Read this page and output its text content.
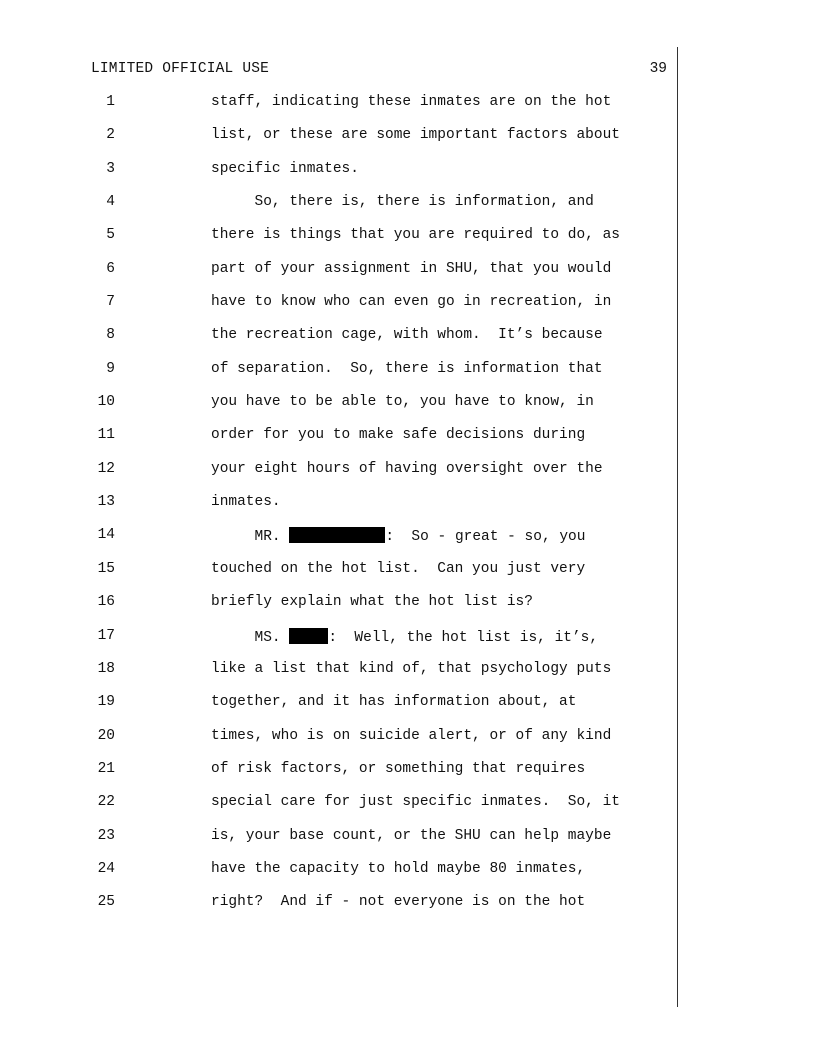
LIMITED OFFICIAL USE	39
1	staff, indicating these inmates are on the hot
2	list, or these are some important factors about
3	specific inmates.
4	So, there is, there is information, and
5	there is things that you are required to do, as
6	part of your assignment in SHU, that you would
7	have to know who can even go in recreation, in
8	the recreation cage, with whom.  It’s because
9	of separation.  So, there is information that
10	you have to be able to, you have to know, in
11	order for you to make safe decisions during
12	your eight hours of having oversight over the
13	inmates.
14	MR.	:  So - great - so, you
15	touched on the hot list.  Can you just very
16	briefly explain what the hot list is?
17	MS.	:  Well, the hot list is, it’s,
18	like a list that kind of, that psychology puts
19	together, and it has information about, at
20	times, who is on suicide alert, or of any kind
21	of risk factors, or something that requires
22	special care for just specific inmates.  So, it
23	is, your base count, or the SHU can help maybe
24	have the capacity to hold maybe 80 inmates,
25	right?  And if - not everyone is on the hot
